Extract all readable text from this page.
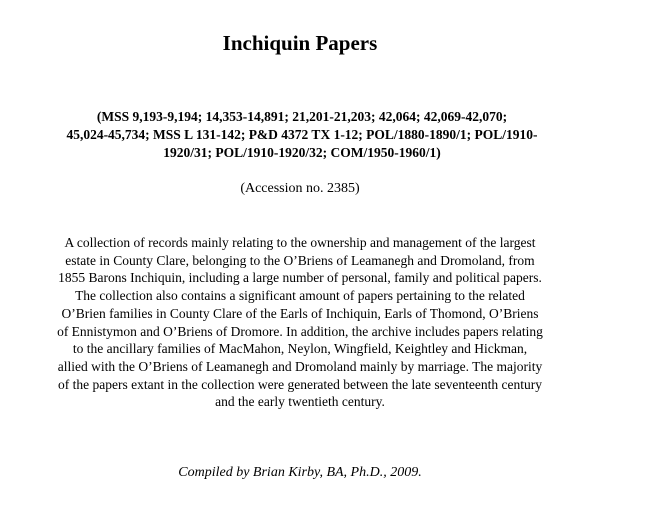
Inchiquin Papers

(MSS 9,193-9,194; 14,353-14,891; 21,201-21,203; 42,064; 42,069-42,070;
45,024-45,734; MSS L 131-142; P&D 4372 TX 1-12; POL/1880-1890/1; POL/1910-
1920/31; POL/1910-1920/32; COM/1950-1960/1)

(Accession no. 2385)

A collection of records mainly relating to the ownership and management of the largest
estate in County Clare, belonging to the O’Briens of Leamanegh and Dromoland, from
1855 Barons Inchiquin, including a large number of personal, family and political papers.
The collection also contains a significant amount of papers pertaining to the related
O’Brien families in County Clare of the Earls of Inchiquin, Earls of Thomond, O’Briens
of Ennistymon and O’Briens of Dromore. In addition, the archive includes papers relating
to the ancillary families of MacMahon, Neylon, Wingfield, Keightley and Hickman,
allied with the O’Briens of Leamanegh and Dromoland mainly by marriage. The majority
of the papers extant in the collection were generated between the late seventeenth century
and the early twentieth century.

Compiled by Brian Kirby, BA, Ph.D., 2009.
